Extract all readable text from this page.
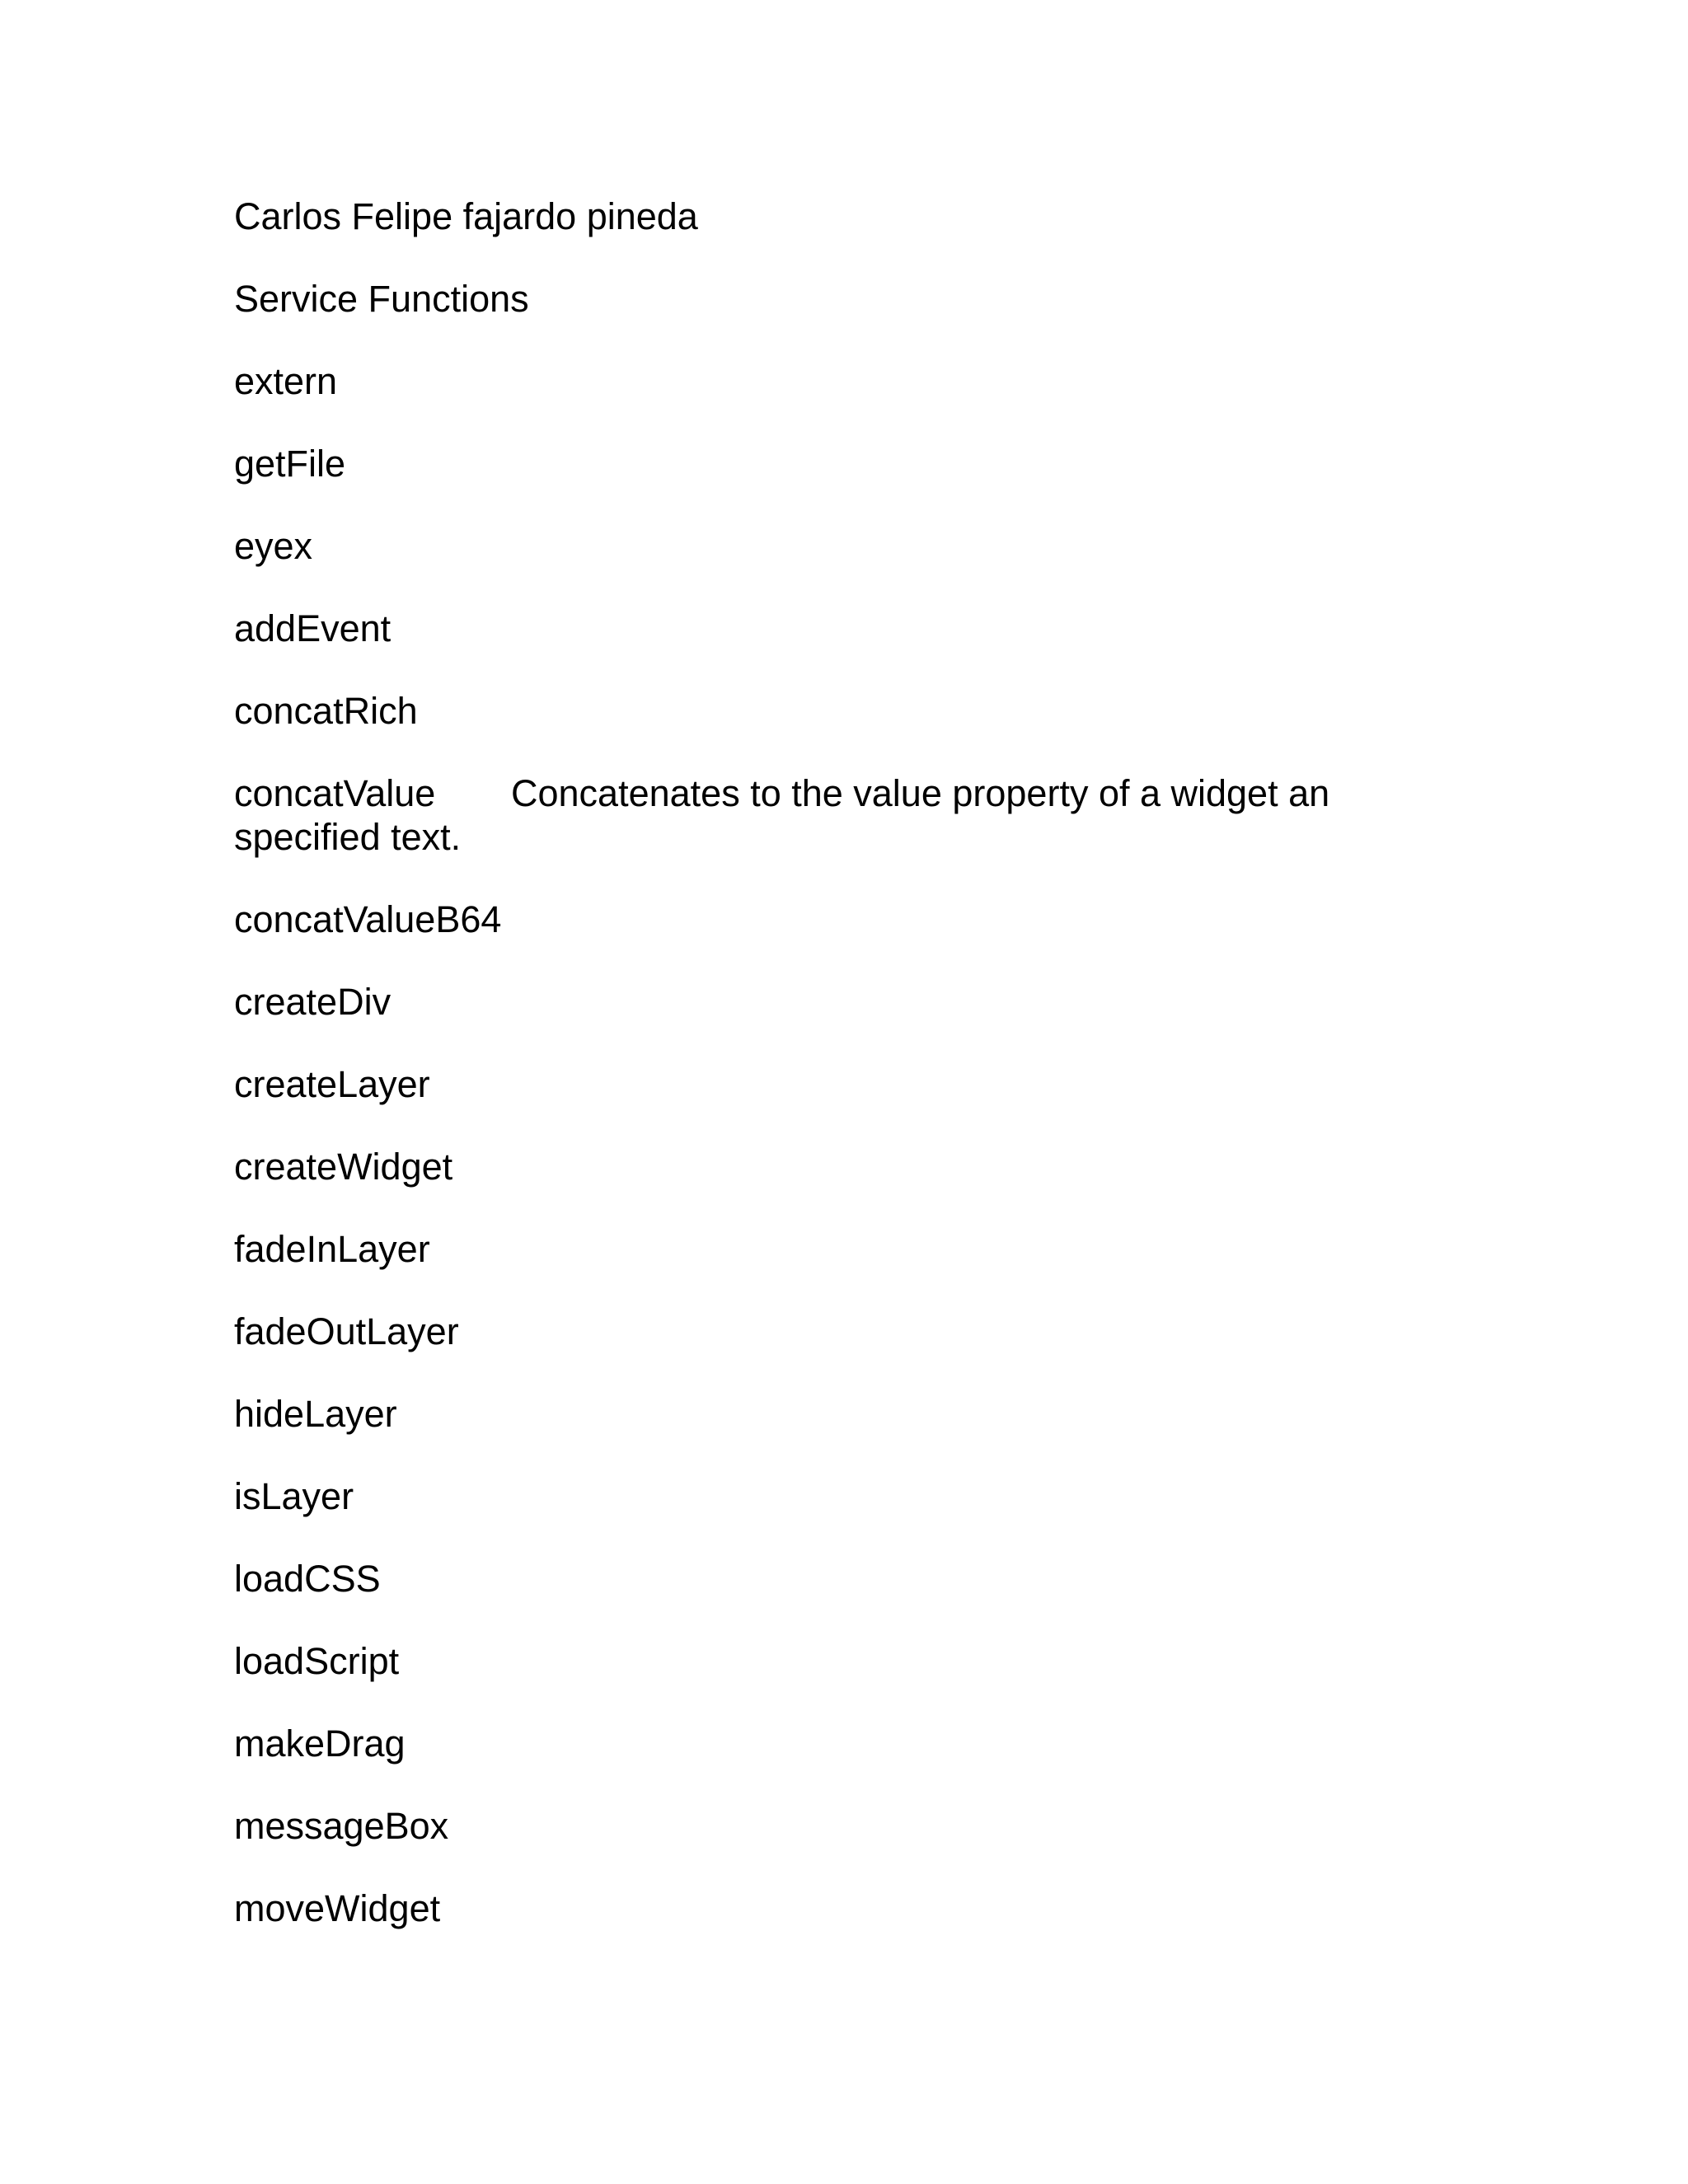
Carlos Felipe fajardo pineda
Service Functions
extern
getFile
eyex
addEvent
concatRich
concatValue Concatenates to the value property of a widget an specified text.
concatValueB64
createDiv
createLayer
createWidget
fadeInLayer
fadeOutLayer
hideLayer
isLayer
loadCSS
loadScript
makeDrag
messageBox
moveWidget
